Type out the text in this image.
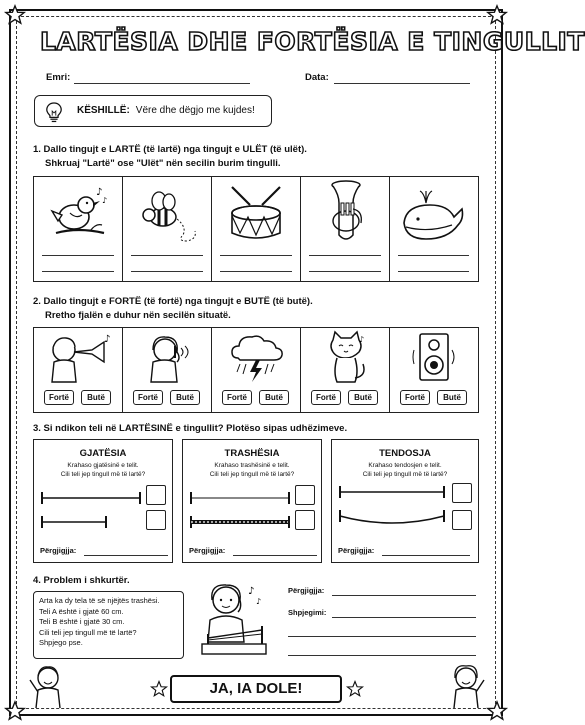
LARTËSIA DHE FORTËSIA E TINGULLIT
Emri:	Data:
KËSHILLË: Vëre dhe dëgjo me kujdes!
1. Dallo tingujt e LARTË (të lartë) nga tingujt e ULËT (të ulët).
Shkruaj "Lartë" ose "Ulët" nën secilin burim tingulli.
♪
♪
2. Dallo tingujt e FORTË (të fortë) nga tingujt e BUTË (të butë).
Rretho fjalën e duhur nën secilën situatë.
♪
Fortë	Butë	Fortë	Butë	Fortë	Butë
♪
Fortë	Butë	Fortë	Butë
3. Si ndikon teli në LARTËSINË e tingullit? Plotëso sipas udhëzimeve.
GJATËSIA
Krahaso gjatësinë e telit.
Cili teli jep tingull më të lartë?
Përgjigjja:
TRASHËSIA
Krahaso trashësinë e telit.
Cili teli jep tingull më të lartë?
Përgjigjja:
TENDOSJA
Krahaso tendosjen e telit.
Cili teli jep tingull më të lartë?
Përgjigjja:
4. Problem i shkurtër.
Arta ka dy tela të së njëjtës trashësi.
Teli A është i gjatë 60 cm.
Teli B është i gjatë 30 cm.
Cili teli jep tingull më të lartë?
Shpjego pse.
♪
♪
Përgjigjja:
Shpjegimi:
JA, IA DOLE!
